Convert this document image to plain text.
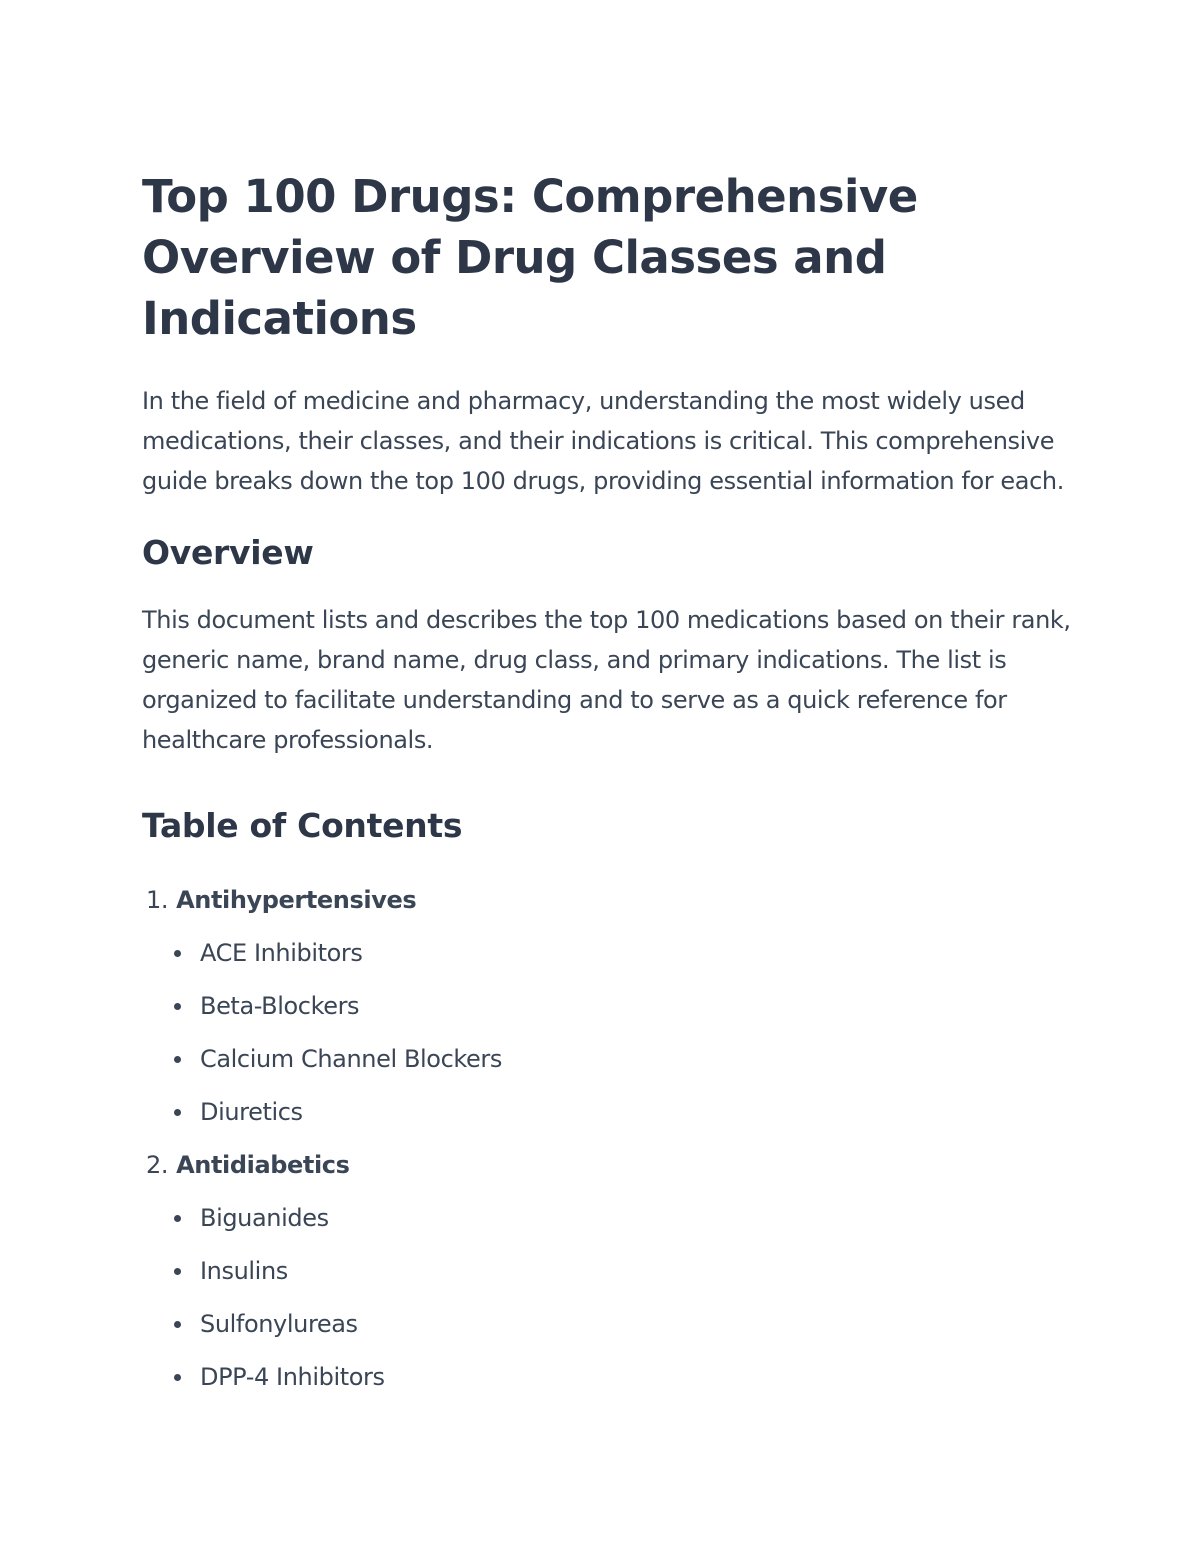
Top 100 Drugs: Comprehensive Overview of Drug Classes and Indications

In the field of medicine and pharmacy, understanding the most widely used medications, their classes, and their indications is critical. This comprehensive guide breaks down the top 100 drugs, providing essential information for each.

Overview

This document lists and describes the top 100 medications based on their rank, generic name, brand name, drug class, and primary indications. The list is organized to facilitate understanding and to serve as a quick reference for healthcare professionals.

Table of Contents
1. Antihypertensives
ACE Inhibitors
Beta-Blockers
Calcium Channel Blockers
Diuretics
2. Antidiabetics
Biguanides
Insulins
Sulfonylureas
DPP-4 Inhibitors
